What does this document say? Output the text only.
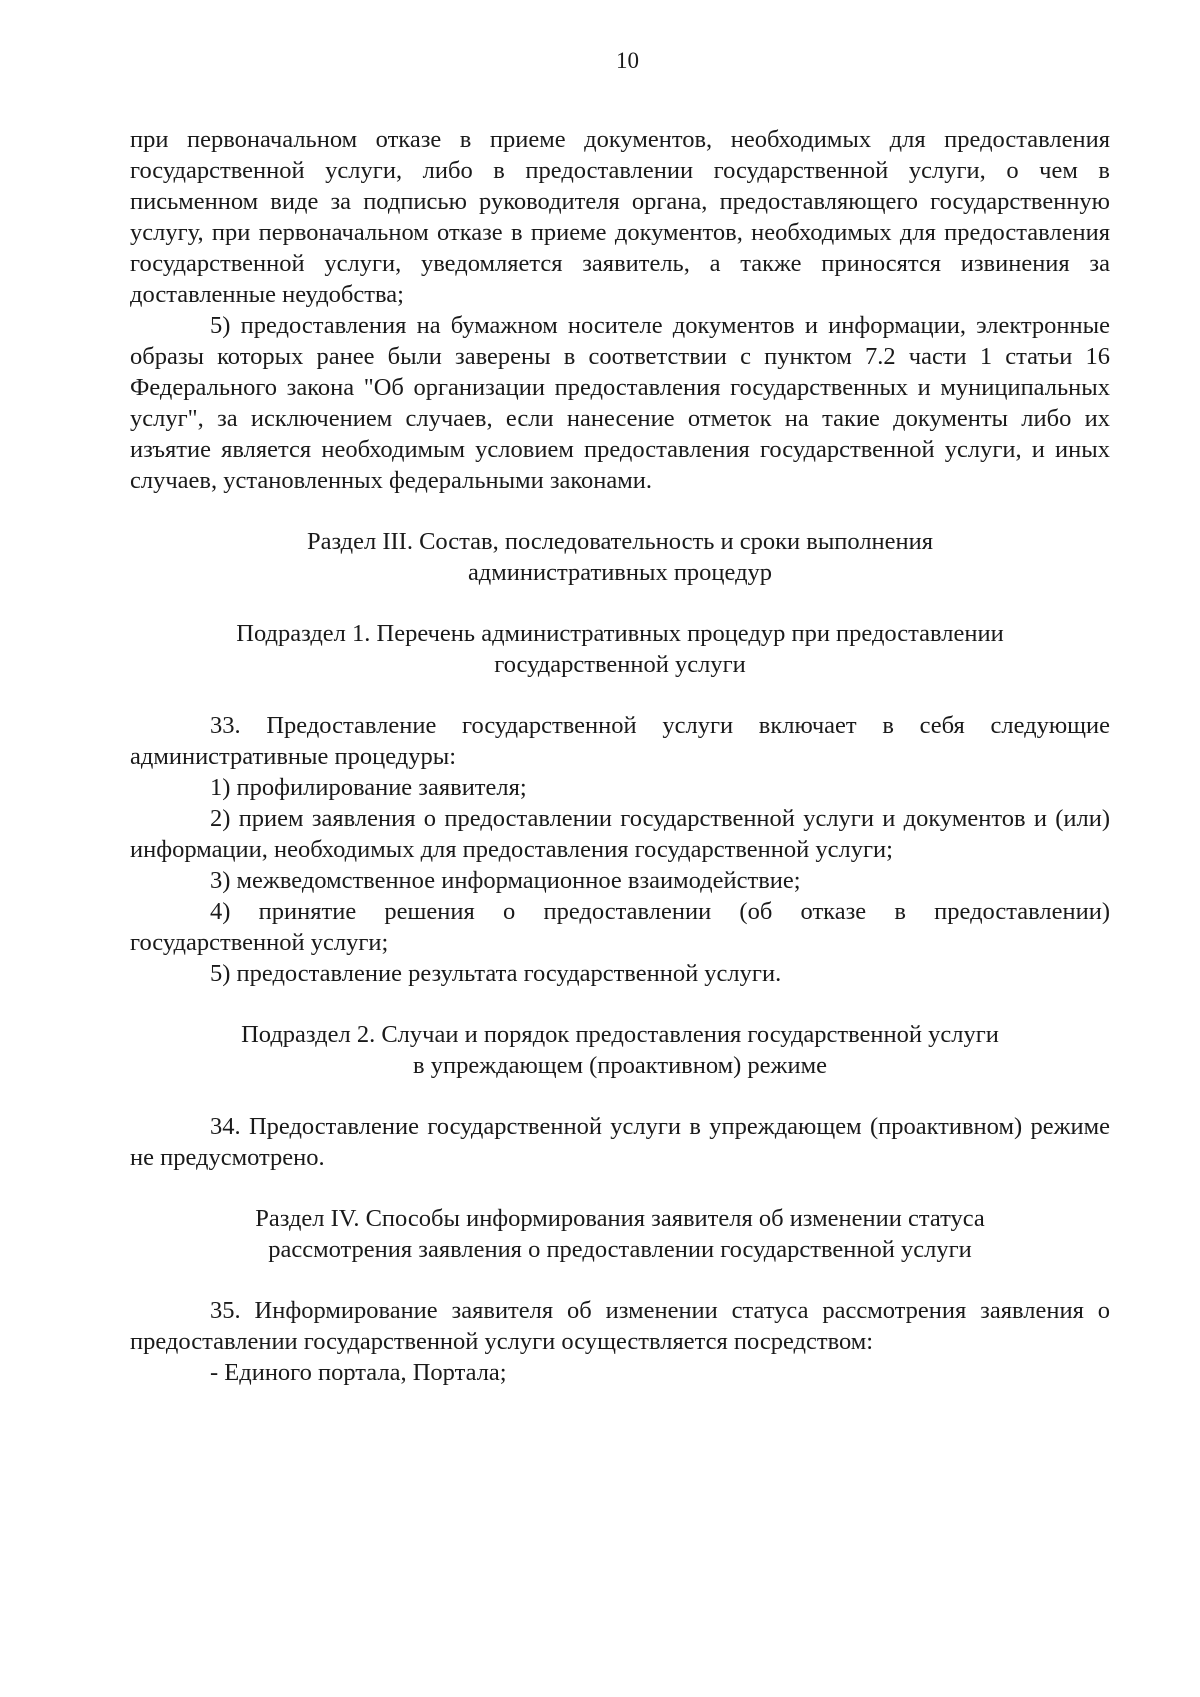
10

при первоначальном отказе в приеме документов, необходимых для предоставления государственной услуги, либо в предоставлении государственной услуги, о чем в письменном виде за подписью руководителя органа, предоставляющего государственную услугу, при первоначальном отказе в приеме документов, необходимых для предоставления государственной услуги, уведомляется заявитель, а также приносятся извинения за доставленные неудобства;

5) предоставления на бумажном носителе документов и информации, электронные образы которых ранее были заверены в соответствии с пунктом 7.2 части 1 статьи 16 Федерального закона "Об организации предоставления государственных и муниципальных услуг", за исключением случаев, если нанесение отметок на такие документы либо их изъятие является необходимым условием предоставления государственной услуги, и иных случаев, установленных федеральными законами.

Раздел III. Состав, последовательность и сроки выполнения
административных процедур
Подраздел 1. Перечень административных процедур при предоставлении
государственной услуги

33. Предоставление государственной услуги включает в себя следующие административные процедуры:

1) профилирование заявителя;

2) прием заявления о предоставлении государственной услуги и документов и (или) информации, необходимых для предоставления государственной услуги;

3) межведомственное информационное взаимодействие;

4) принятие решения о предоставлении (об отказе в предоставлении) государственной услуги;

5) предоставление результата государственной услуги.

Подраздел 2. Случаи и порядок предоставления государственной услуги
в упреждающем (проактивном) режиме

34. Предоставление государственной услуги в упреждающем (проактивном) режиме не предусмотрено.

Раздел IV. Способы информирования заявителя об изменении статуса
рассмотрения заявления о предоставлении государственной услуги

35. Информирование заявителя об изменении статуса рассмотрения заявления о предоставлении государственной услуги осуществляется посредством:

- Единого портала, Портала;
